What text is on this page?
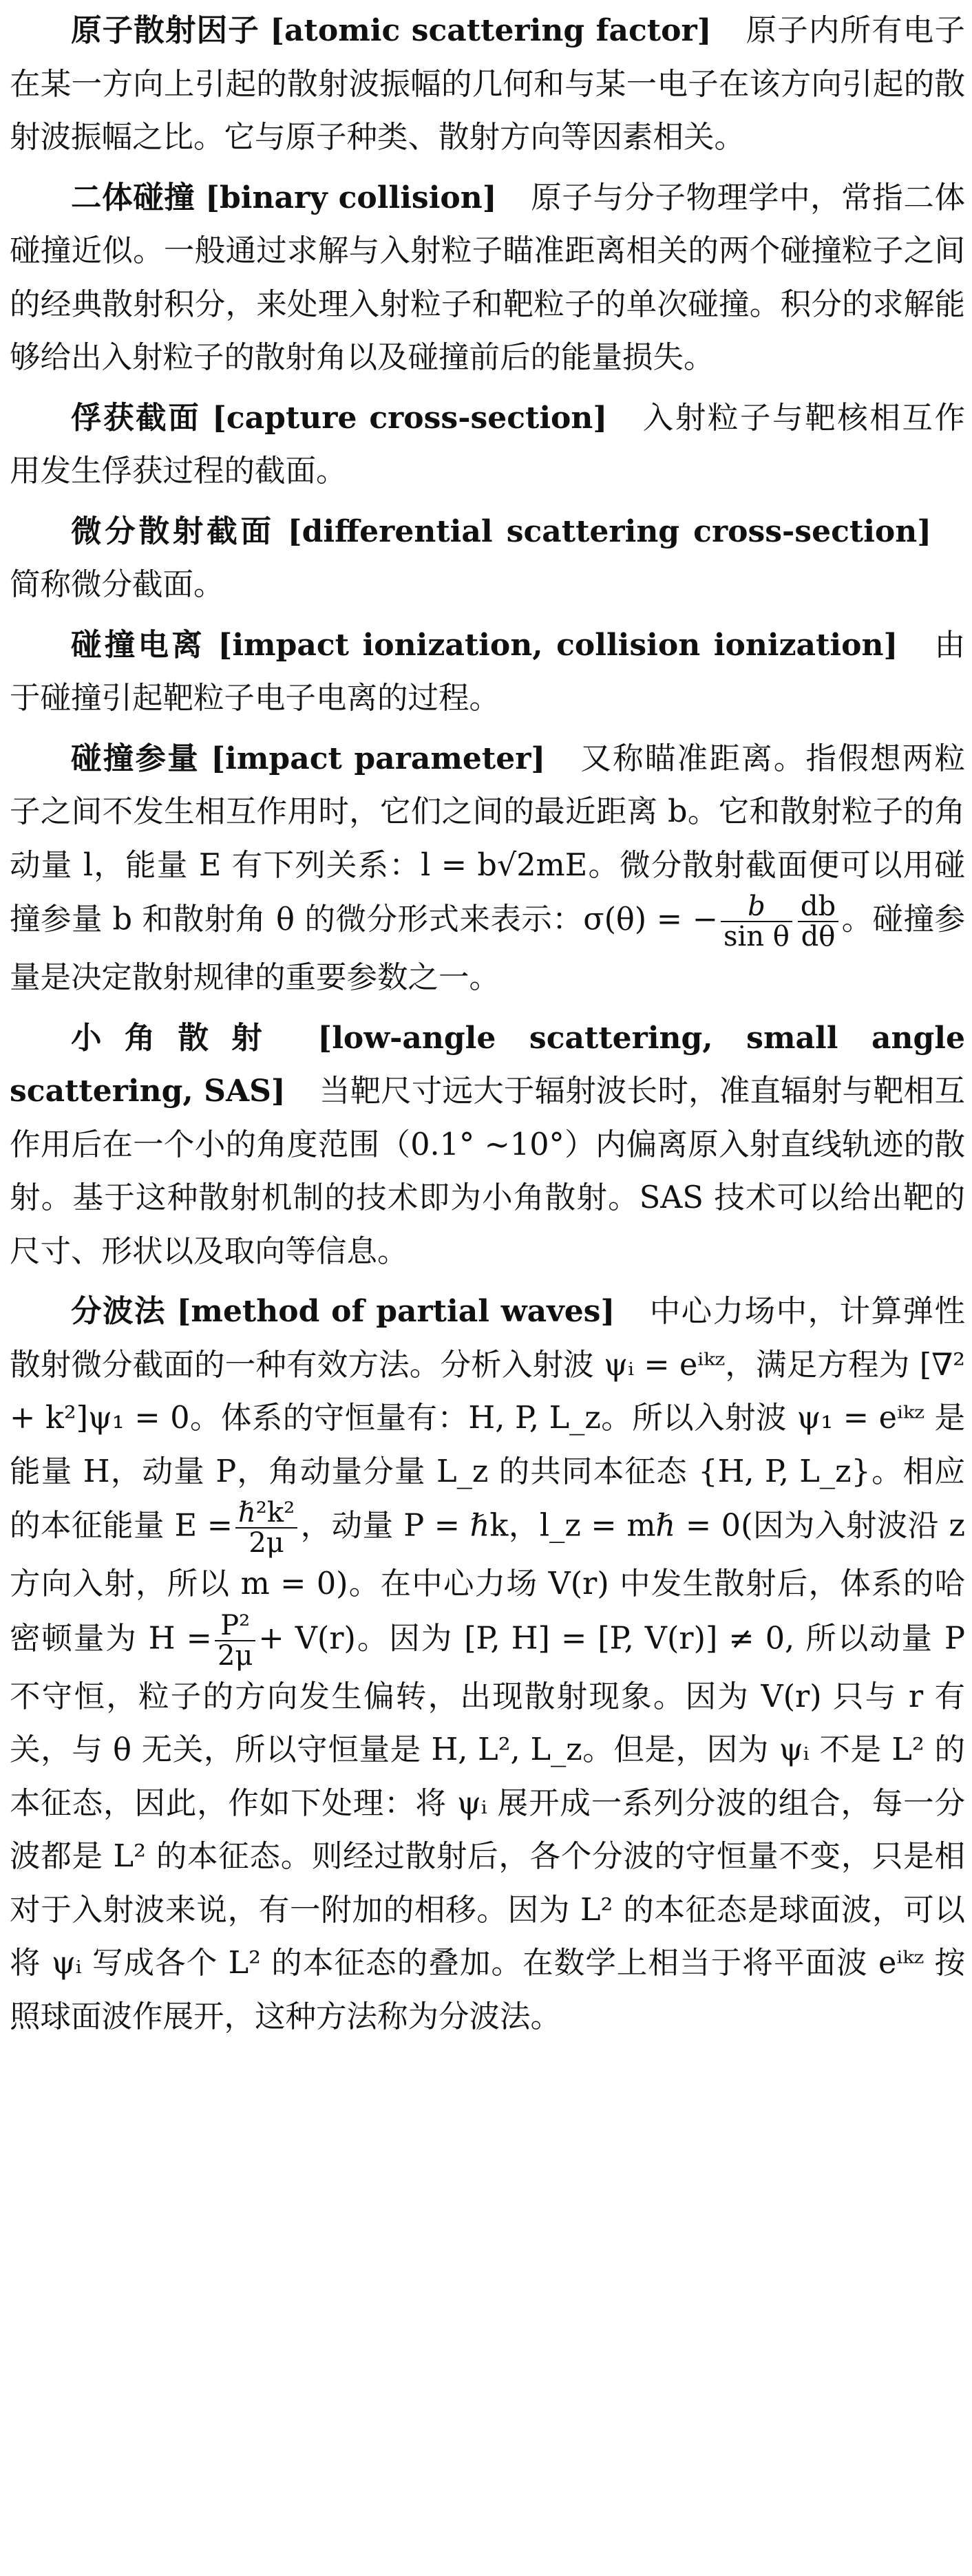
原子散射因子 [atomic scattering factor] 原子内所有电子在某一方向上引起的散射波振幅的几何和与某一电子在该方向引起的散射波振幅之比。它与原子种类、散射方向等因素相关。

二体碰撞 [binary collision] 原子与分子物理学中，常指二体碰撞近似。一般通过求解与入射粒子瞄准距离相关的两个碰撞粒子之间的经典散射积分，来处理入射粒子和靶粒子的单次碰撞。积分的求解能够给出入射粒子的散射角以及碰撞前后的能量损失。

俘获截面 [capture cross-section] 入射粒子与靶核相互作用发生俘获过程的截面。

微分散射截面 [differential scattering cross-section]简称微分截面。

碰撞电离 [impact ionization, collision ionization] 由于碰撞引起靶粒子电子电离的过程。

碰撞参量 [impact parameter] 又称瞄准距离。指假想两粒子之间不发生相互作用时，它们之间的最近距离 b。它和散射粒子的角动量 l，能量 E 有下列关系：l = b√2mE。微分散射截面便可以用碰撞参量 b 和散射角 θ 的微分形式来表示：σ(θ) = − $\frac{b}{\text{sin θ}} \frac{db}{d\theta}$ 。碰撞参量是决定散射规律的重要参数之一。

小角散射 [low-angle scattering, small angle scattering, SAS] 当靶尺寸远大于辐射波长时，准直辐射与靶相互作用后在一个小的角度范围（0.1° ~10°）内偏离原入射直线轨迹的散射。基于这种散射机制的技术即为小角散射。SAS 技术可以给出靶的尺寸、形状以及取向等信息。

分波法 [method of partial waves] 中心力场中，计算弹性散射微分截面的一种有效方法。分析入射波 ψᵢ = eⁱᵏᶻ，满足方程为 [∇² + k²]ψ₁ = 0。体系的守恒量有：H, P, L_z。所以入射波 ψ₁ = eⁱᵏᶻ 是能量 H，动量 P，角动量分量 L_z 的共同本征态 {H, P, L_z}。相应的本征能量 $E = \frac{\text{ℏ²k²}}{2\mu}$ ，动量 P = ℏk，l_z = mℏ = 0(因为入射波沿 z 方向入射，所以 m = 0)。在中心力场 V(r) 中发生散射后，体系的哈密顿量为 $H = \frac{\text{P²}}{2\mu} + V(r)$。因为 [P, H] = [P, V(r)] ≠ 0, 所以动量 P 不守恒，粒子的方向发生偏转，出现散射现象。因为 V(r) 只与 r 有关，与 θ 无关，所以守恒量是 H, L², L_z。但是，因为 ψᵢ 不是 L² 的本征态，因此，作如下处理：将 ψᵢ 展开成一系列分波的组合，每一分波都是 L² 的本征态。则经过散射后，各个分波的守恒量不变，只是相对于入射波来说，有一附加的相移。因为 L² 的本征态是球面波，可以将 ψᵢ 写成各个 L² 的本征态的叠加。在数学上相当于将平面波 eⁱᵏᶻ 按照球面波作展开，这种方法称为分波法。
